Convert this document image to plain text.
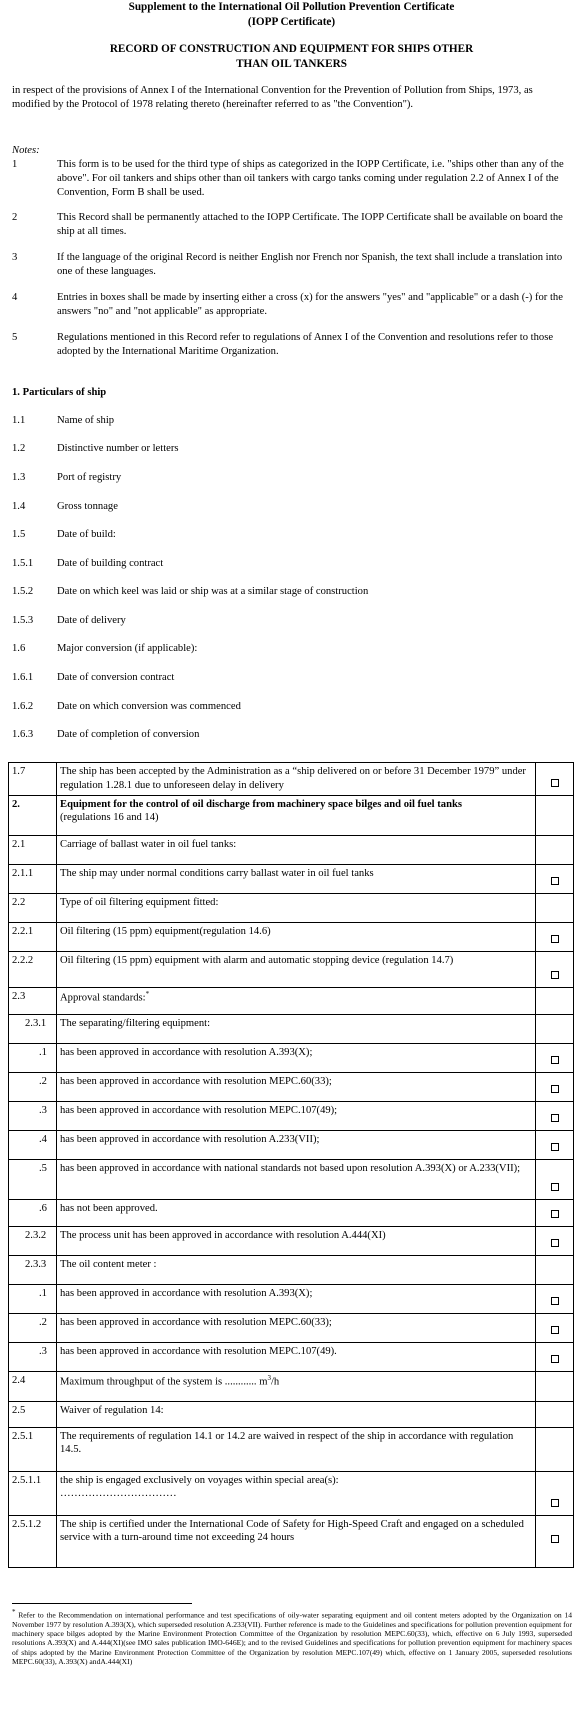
Supplement to the International Oil Pollution Prevention Certificate
(IOPP Certificate)
RECORD OF CONSTRUCTION AND EQUIPMENT FOR SHIPS OTHER
THAN OIL TANKERS
in respect of the provisions of Annex I of the International Convention for the Prevention of Pollution from Ships, 1973, as modified by the Protocol of 1978 relating thereto (hereinafter referred to as "the Convention").
Notes:
1	This form is to be used for the third type of ships as categorized in the IOPP Certificate, i.e. "ships other than any of the above". For oil tankers and ships other than oil tankers with cargo tanks coming under regulation 2.2 of Annex I of the Convention, Form B shall be used.
2	This Record shall be permanently attached to the IOPP Certificate. The IOPP Certificate shall be available on board the ship at all times.
3	If the language of the original Record is neither English nor French nor Spanish, the text shall include a translation into one of these languages.
4	Entries in boxes shall be made by inserting either a cross (x) for the answers "yes" and "applicable" or a dash (-) for the answers "no" and "not applicable" as appropriate.
5	Regulations mentioned in this Record refer to regulations of Annex I of the Convention and resolutions refer to those adopted by the International Maritime Organization.
1. Particulars of ship
1.1	Name of ship
1.2	Distinctive number or letters
1.3	Port of registry
1.4	Gross tonnage
1.5	Date of build:
1.5.1 Date of building contract
1.5.2 Date on which keel was laid or ship was at a similar stage of construction
1.5.3 Date of delivery
1.6	Major conversion (if applicable):
1.6.1 Date of conversion contract
1.6.2 Date on which conversion was commenced
1.6.3 Date of completion of conversion
1.7	The ship has been accepted by the Administration as a “ship delivered on or before 31 December 1979” under regulation 1.28.1 due to unforeseen delay in delivery	
2.	Equipment for the control of oil discharge from machinery space bilges and oil fuel tanks
(regulations 16 and 14)	

2.1	Carriage of ballast water in oil fuel tanks:	
2.1.1	The ship may under normal conditions carry ballast water in oil fuel tanks	
2.2	Type of oil filtering equipment fitted:	
2.2.1	Oil filtering (15 ppm) equipment(regulation 14.6)	
2.2.2	Oil filtering (15 ppm) equipment with alarm and automatic stopping device (regulation 14.7)	
2.3	Approval standards:*	
2.3.1	The separating/filtering equipment:	
.1	has been approved in accordance with resolution A.393(X);	
.2	has been approved in accordance with resolution MEPC.60(33);	
.3	has been approved in accordance with resolution MEPC.107(49);	
.4	has been approved in accordance with resolution A.233(VII);	
.5	has been approved in accordance with national standards not based upon resolution A.393(X) or A.233(VII);	
.6	has not been approved.	
2.3.2	The process unit has been approved in accordance with resolution A.444(XI)	
2.3.3	The oil content meter :	
.1	has been approved in accordance with resolution A.393(X);	
.2	has been approved in accordance with resolution MEPC.60(33);	
.3	has been approved in accordance with resolution MEPC.107(49).	
2.4	Maximum throughput of the system is ............ $m^3/h$	
2.5	Waiver of regulation 14:	
2.5.1	The requirements of regulation 14.1 or 14.2 are waived in respect of the ship in accordance with regulation 14.5.	
2.5.1.1	the ship is engaged exclusively on voyages within special area(s):
……………………………	

2.5.1.2	The ship is certified under the International Code of Safety for High-Speed Craft and engaged on a scheduled service with a turn-around time not exceeding 24 hours	
* Refer to the Recommendation on international performance and test specifications of oily-water separating equipment and oil content meters adopted by the Organization on 14 November 1977 by resolution A.393(X), which superseded resolution A.233(VII). Further reference is made to the Guidelines and specifications for pollution prevention equipment for machinery space bilges adopted by the Marine Environment Protection Committee of the Organization by resolution MEPC.60(33), which, effective on 6 July 1993, superseded resolutions A.393(X) and A.444(XI)(see IMO sales publication IMO-646E); and to the revised Guidelines and specifications for pollution prevention equipment for machinery spaces of ships adopted by the Marine Environment Protection Committee of the Organization by resolution MEPC.107(49) which, effective on 1 January 2005, superseded resolutions MEPC.60(33), A.393(X) andA.444(XI)
